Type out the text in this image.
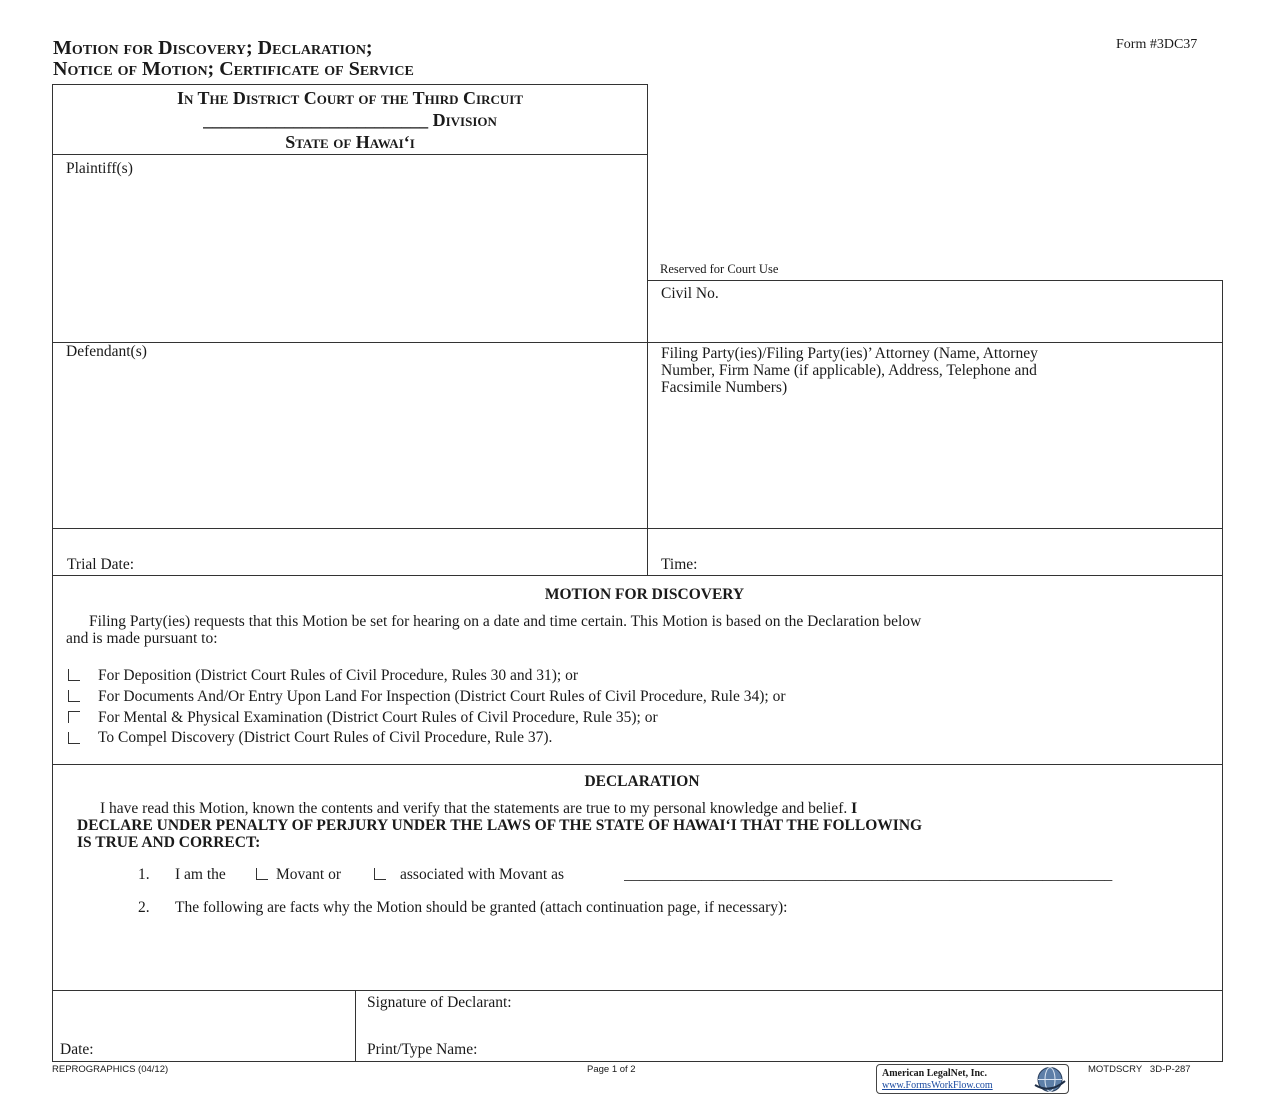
Motion for Discovery; Declaration;
Notice of Motion; Certificate of Service
Form #3DC37
In The District Court of the Third Circuit
_________________________ Division
State of Hawai‘i
Plaintiff(s)
Defendant(s)
Reserved for Court Use
Civil No.
Filing Party(ies)/Filing Party(ies)’ Attorney (Name, Attorney
Number, Firm Name (if applicable), Address, Telephone and
Facsimile Numbers)
Trial Date:	Time:
MOTION FOR DISCOVERY
Filing Party(ies) requests that this Motion be set for hearing on a date and time certain. This Motion is based on the Declaration below
and is made pursuant to:
For Deposition (District Court Rules of Civil Procedure, Rules 30 and 31); or
For Documents And/Or Entry Upon Land For Inspection (District Court Rules of Civil Procedure, Rule 34); or
For Mental & Physical Examination (District Court Rules of Civil Procedure, Rule 35); or
To Compel Discovery (District Court Rules of Civil Procedure, Rule 37).
DECLARATION
I have read this Motion, known the contents and verify that the statements are true to my personal knowledge and belief. I
DECLARE UNDER PENALTY OF PERJURY UNDER THE LAWS OF THE STATE OF HAWAI‘I THAT THE FOLLOWING
IS TRUE AND CORRECT:
1. I am the	Movant or	associated with Movant as	_______________________________________________________________
2. The following are facts why the Motion should be granted (attach continuation page, if necessary):
Signature of Declarant:
Date:	Print/Type Name:
REPROGRAPHICS (04/12)	Page 1 of 2	American LegalNet, Inc.
www.FormsWorkFlow.com
MOTDSCRY   3D-P-287
